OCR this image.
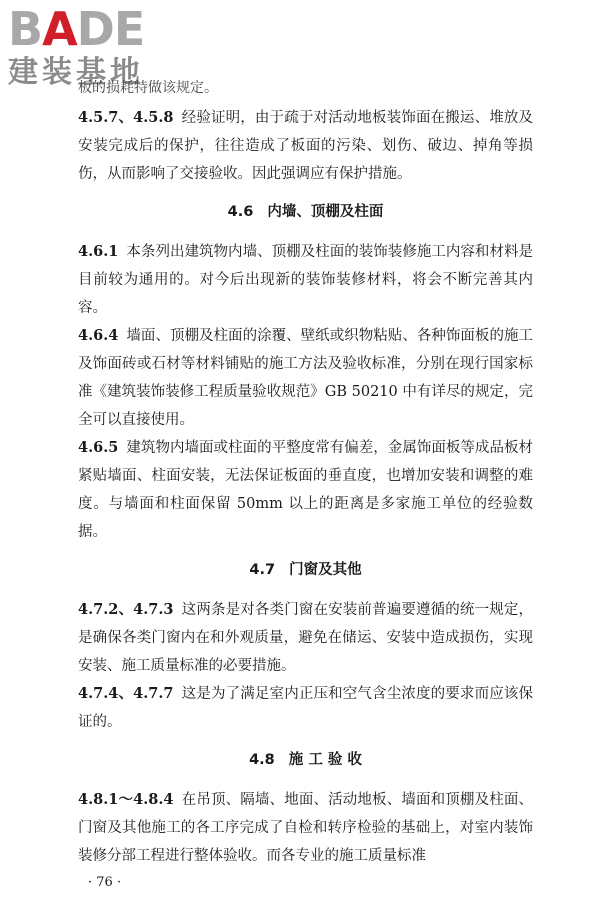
BADE
建装基地

板的损耗特做该规定。

4.5.7、4.5.8 经验证明，由于疏于对活动地板装饰面在搬运、堆放及安装完成后的保护，往往造成了板面的污染、划伤、破边、掉角等损伤，从而影响了交接验收。因此强调应有保护措施。

4.6 内墙、顶棚及柱面

4.6.1 本条列出建筑物内墙、顶棚及柱面的装饰装修施工内容和材料是目前较为通用的。对今后出现新的装饰装修材料，将会不断完善其内容。

4.6.4 墙面、顶棚及柱面的涂覆、壁纸或织物粘贴、各种饰面板的施工及饰面砖或石材等材料铺贴的施工方法及验收标准，分别在现行国家标准《建筑装饰装修工程质量验收规范》GB 50210 中有详尽的规定，完全可以直接使用。

4.6.5 建筑物内墙面或柱面的平整度常有偏差，金属饰面板等成品板材紧贴墙面、柱面安装，无法保证板面的垂直度，也增加安装和调整的难度。与墙面和柱面保留 50mm 以上的距离是多家施工单位的经验数据。

4.7 门窗及其他

4.7.2、4.7.3 这两条是对各类门窗在安装前普遍要遵循的统一规定，是确保各类门窗内在和外观质量，避免在储运、安装中造成损伤，实现安装、施工质量标准的必要措施。

4.7.4、4.7.7 这是为了满足室内正压和空气含尘浓度的要求而应该保证的。

4.8 施 工 验 收

4.8.1～4.8.4 在吊顶、隔墙、地面、活动地板、墙面和顶棚及柱面、门窗及其他施工的各工序完成了自检和转序检验的基础上，对室内装饰装修分部工程进行整体验收。而各专业的施工质量标准

· 76 ·
